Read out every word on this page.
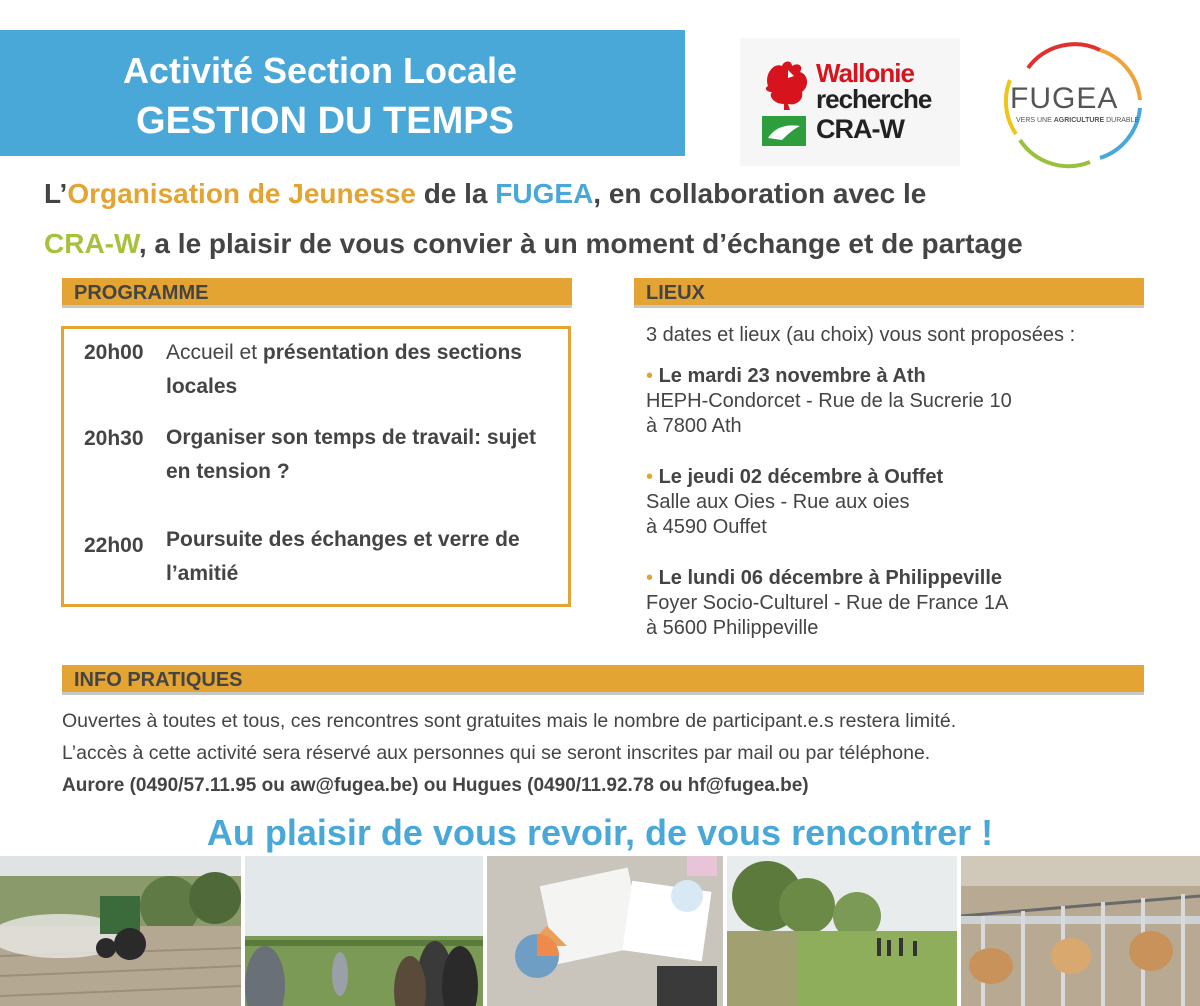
Activité Section Locale
GESTION DU TEMPS
Wallonie
recherche
CRA-W
FUGEA
VERS UNE AGRICULTURE DURABLE
L’Organisation de Jeunesse de la FUGEA, en collaboration avec le
CRA-W, a le plaisir de vous convier à un moment d’échange et de partage
PROGRAMME
20h00 Accueil et présentation des sections locales
20h30 Organiser son temps de travail: sujet en tension ?
22h00 Poursuite des échanges et verre de l’amitié
LIEUX
3 dates et lieux (au choix) vous sont proposées :
• Le mardi 23 novembre à Ath
HEPH-Condorcet - Rue de la Sucrerie 10
à 7800 Ath
• Le jeudi 02 décembre à Ouffet
Salle aux Oies - Rue aux oies
à 4590 Ouffet
• Le lundi 06 décembre à Philippeville
Foyer Socio-Culturel - Rue de France 1A
à 5600 Philippeville
INFO PRATIQUES
Ouvertes à toutes et tous, ces rencontres sont gratuites mais le nombre de participant.e.s restera limité.
L’accès à cette activité sera réservé aux personnes qui se seront inscrites par mail ou par téléphone.
Aurore (0490/57.11.95 ou aw@fugea.be) ou Hugues (0490/11.92.78 ou hf@fugea.be)
Au plaisir de vous revoir, de vous rencontrer !
